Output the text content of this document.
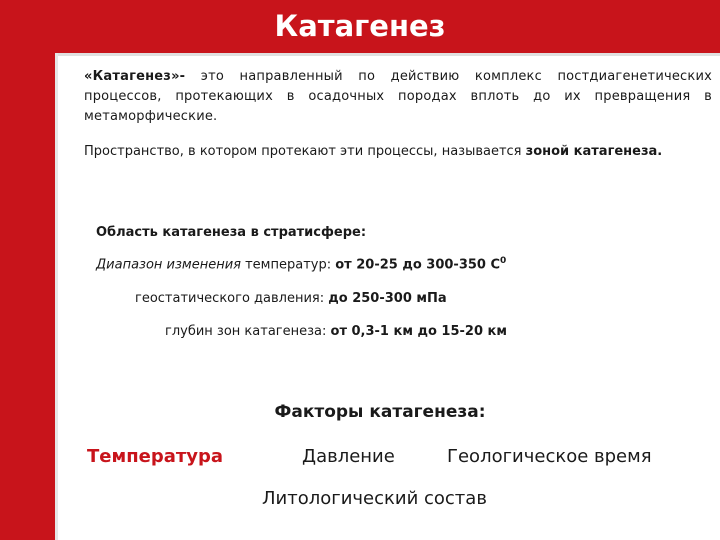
Катагенез
«Катагенез»- это направленный по действию комплекс постдиагенетических процессов, протекающих в осадочных породах вплоть до их превращения в метаморфические.
Пространство, в котором протекают эти процессы, называется зоной катагенеза.
Область катагенеза в стратисфере:
Диапазон изменения температур: от 20-25 до 300-350 $С^0$
геостатического давления: до 250-300 мПа
глубин зон катагенеза: от 0,3-1 км до 15-20 км
Факторы катагенеза:
Температура	Давление	Геологическое время
Литологический состав
